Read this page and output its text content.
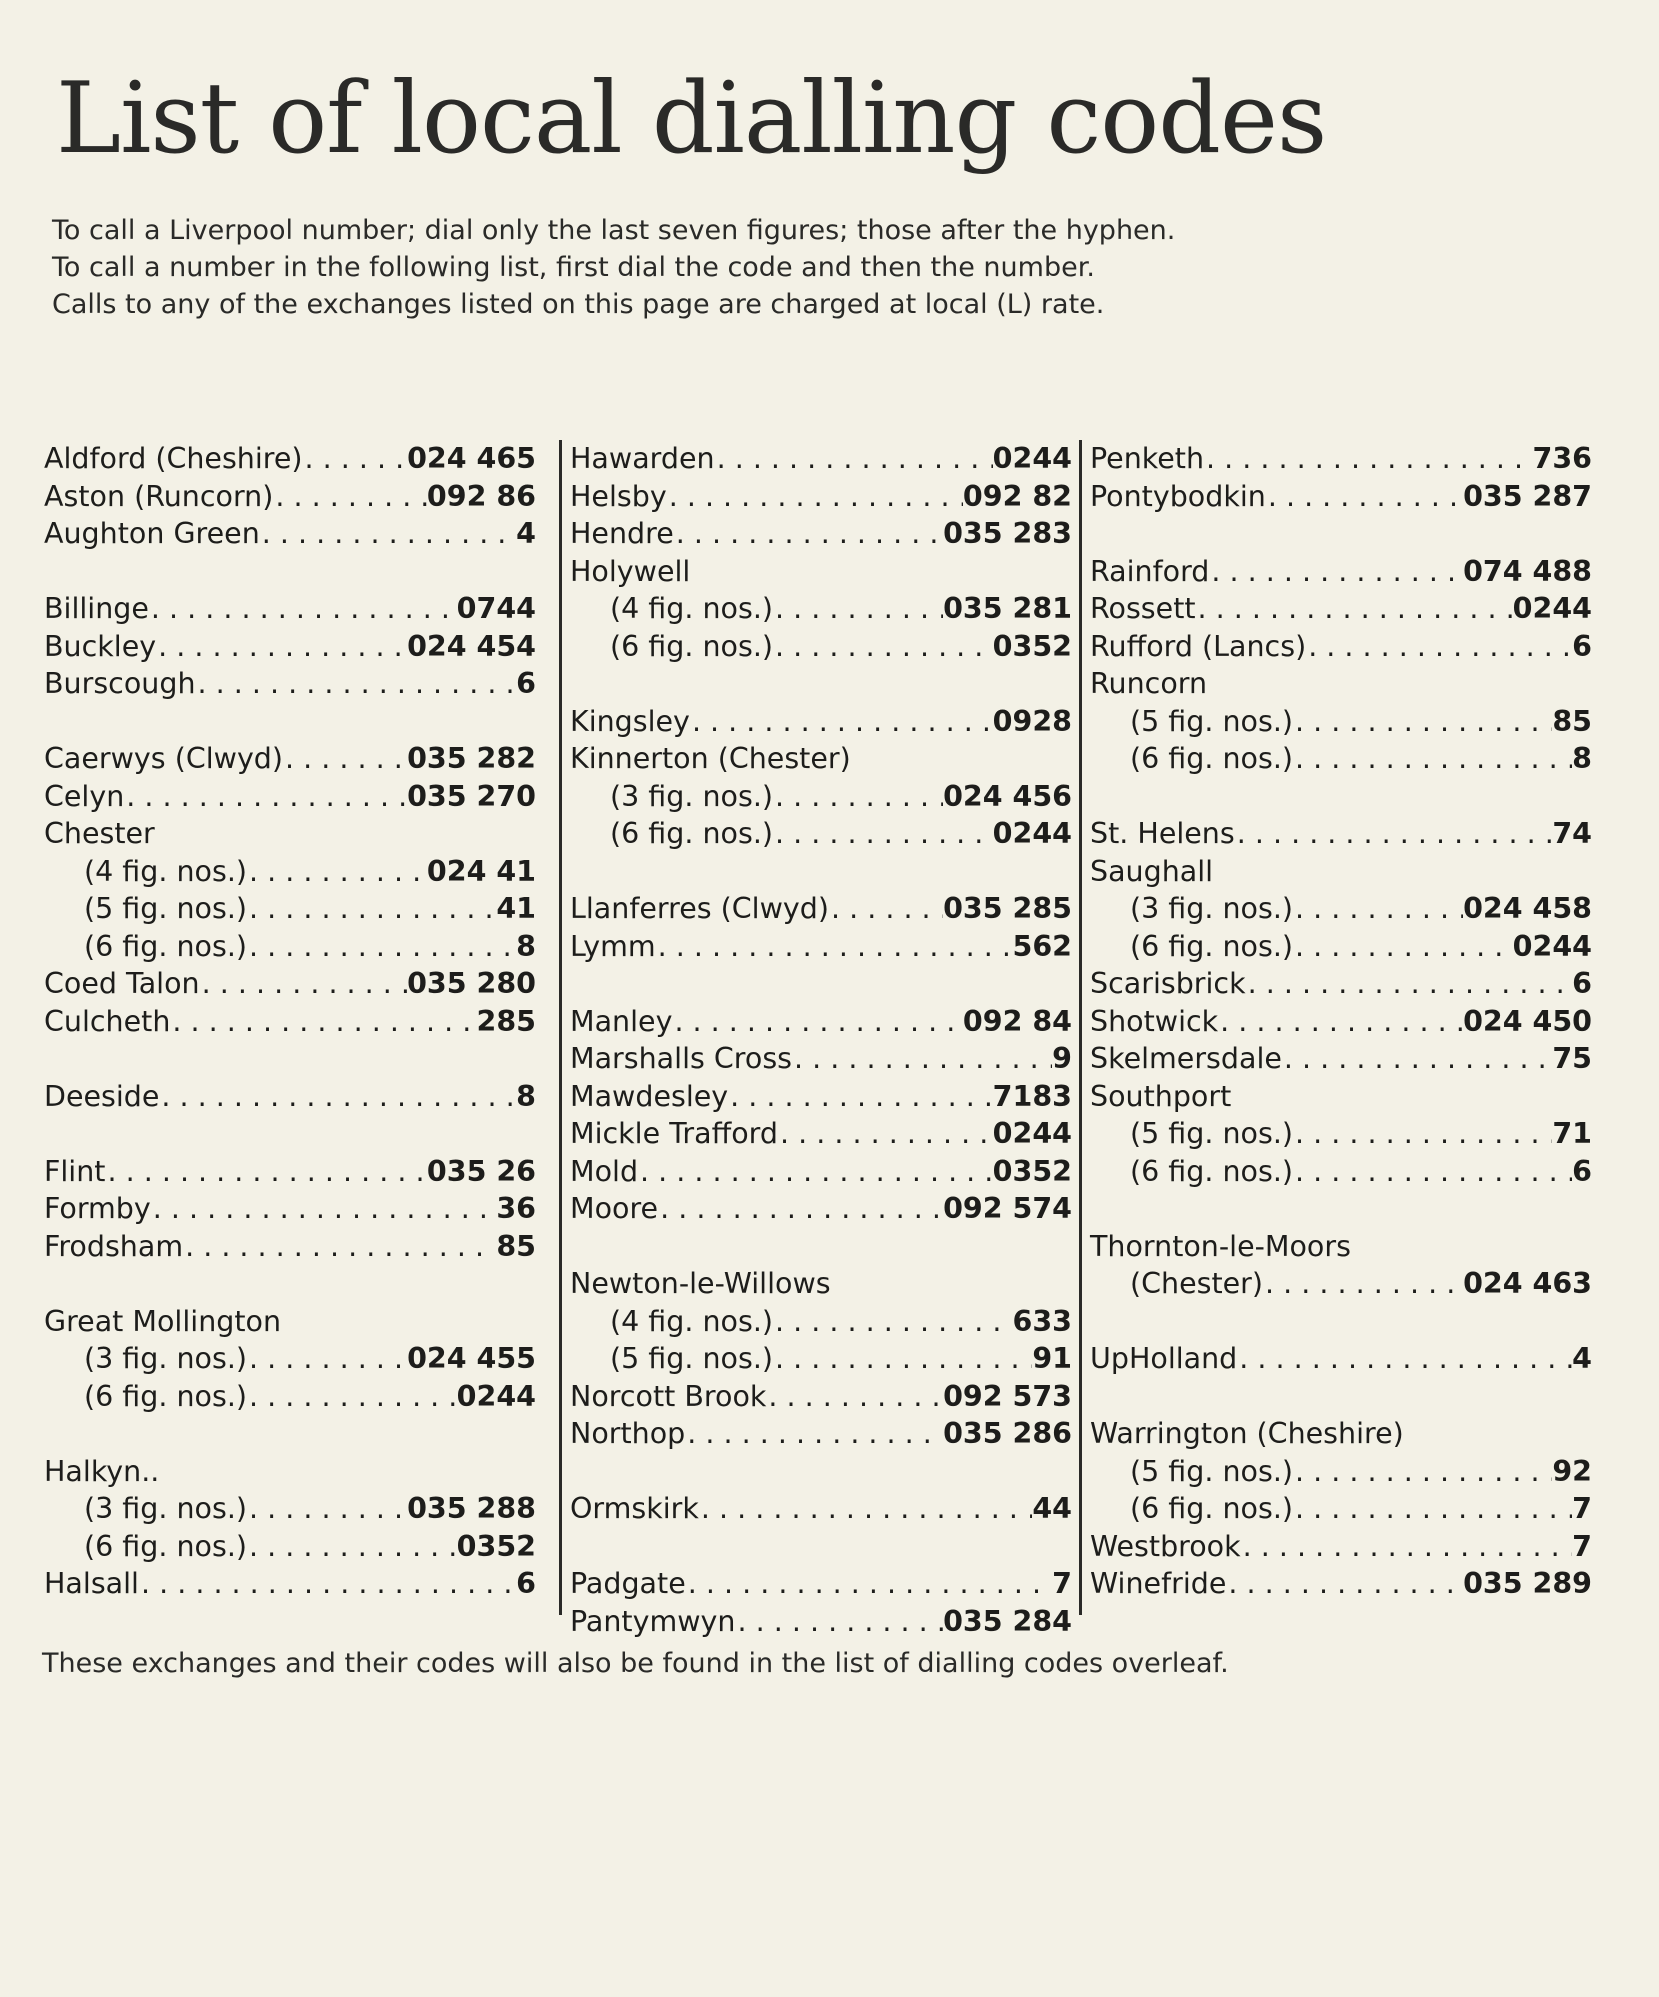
List of local dialling codes
To call a Liverpool number; dial only the last seven figures; those after the hyphen.
To call a number in the following list, first dial the code and then the number.
Calls to any of the exchanges listed on this page are charged at local (L) rate.
Aldford (Cheshire) . . .	024 465
Aston (Runcorn) . . .	092 86
Aughton Green . . .	4
Billinge . . .	0744
Buckley . . .	024 454
Burscough . . .	6
Caerwys (Clwyd) . . .	035 282
Celyn . . .	035 270
Chester
(4 fig. nos.) . . .	024 41
(5 fig. nos.) . . .	41
(6 fig. nos.) . . .	8
Coed Talon . . .	035 280
Culcheth . . .	285
Deeside . . .	8
Flint . . .	035 26
Formby . . .	36
Frodsham . . .	85
Great Mollington
(3 fig. nos.) . . .	024 455
(6 fig. nos.) . . .	0244
Halkyn..
(3 fig. nos.) . . .	035 288
(6 fig. nos.) . . .	0352
Halsall . . .	6
Hawarden . . .	0244
Helsby . . .	092 82
Hendre . . .	035 283
Holywell
(4 fig. nos.) . . .	035 281
(6 fig. nos.) . . .	0352
Kingsley . . .	0928
Kinnerton (Chester)
(3 fig. nos.) . . .	024 456
(6 fig. nos.) . . .	0244
Llanferres (Clwyd) . . .	035 285
Lymm . . .	562
Manley . . .	092 84
Marshalls Cross . . .	9
Mawdesley . . .	7183
Mickle Trafford . . .	0244
Mold . . .	0352
Moore . . .	092 574
Newton-le-Willows
(4 fig. nos.) . . .	633
(5 fig. nos.) . . .	91
Norcott Brook . . .	092 573
Northop . . .	035 286
Ormskirk . . .	44
Padgate . . .	7
Pantymwyn . . .	035 284
Penketh . . .	736
Pontybodkin . . .	035 287
Rainford . . .	074 488
Rossett . . .	0244
Rufford (Lancs) . . .	6
Runcorn
(5 fig. nos.) . . .	85
(6 fig. nos.) . . .	8
St. Helens . . .	74
Saughall
(3 fig. nos.) . . .	024 458
(6 fig. nos.) . . .	0244
Scarisbrick . . .	6
Shotwick . . .	024 450
Skelmersdale . . .	75
Southport
(5 fig. nos.) . . .	71
(6 fig. nos.) . . .	6
Thornton-le-Moors
(Chester) . . .	024 463
UpHolland . . .	4
Warrington (Cheshire)
(5 fig. nos.) . . .	92
(6 fig. nos.) . . .	7
Westbrook . . .	7
Winefride . . .	035 289
These exchanges and their codes will also be found in the list of dialling codes overleaf.
